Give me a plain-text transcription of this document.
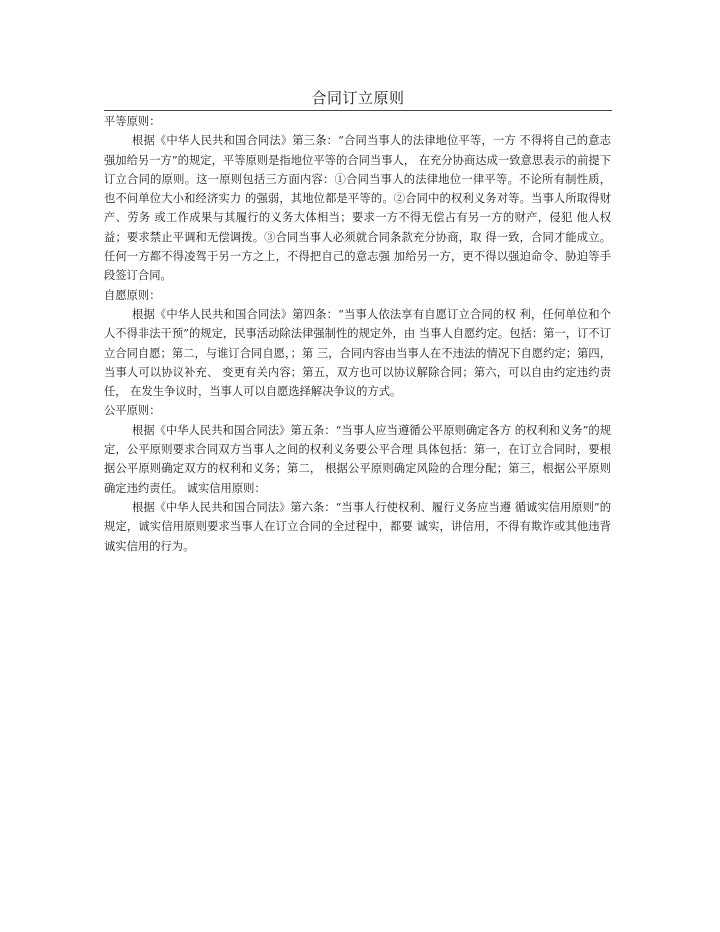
合同订立原则

平等原则：

根据《中华人民共和国合同法》第三条：“合同当事人的法律地位平等，一方 不得将自己的意志强加给另一方”的规定，平等原则是指地位平等的合同当事人， 在充分协商达成一致意思表示的前提下订立合同的原则。这一原则包括三方面内容：①合同当事人的法律地位一律平等。不论所有制性质，也不问单位大小和经济实力 的强弱，其地位都是平等的。②合同中的权利义务对等。当事人所取得财产、劳务 或工作成果与其履行的义务大体相当；要求一方不得无偿占有另一方的财产，侵犯 他人权益；要求禁止平调和无偿调拨。③合同当事人必须就合同条款充分协商，取 得一致，合同才能成立。任何一方都不得凌驾于另一方之上，不得把自己的意志强 加给另一方，更不得以强迫命令、胁迫等手段签订合同。

自愿原则：

根据《中华人民共和国合同法》第四条：“当事人依法享有自愿订立合同的权 利，任何单位和个人不得非法干预”的规定，民事活动除法律强制性的规定外，由 当事人自愿约定。包括：第一，订不订立合同自愿；第二，与谁订合同自愿，；第 三，合同内容由当事人在不违法的情况下自愿约定；第四，当事人可以协议补充、 变更有关内容；第五，双方也可以协议解除合同；第六，可以自由约定违约责任， 在发生争议时，当事人可以自愿选择解决争议的方式。

公平原则：

根据《中华人民共和国合同法》第五条：“当事人应当遵循公平原则确定各方 的权利和义务”的规定，公平原则要求合同双方当事人之间的权利义务要公平合理 具体包括：第一，在订立合同时，要根据公平原则确定双方的权利和义务；第二， 根据公平原则确定风险的合理分配；第三，根据公平原则确定违约责任。 诚实信用原则：

根据《中华人民共和国合同法》第六条：“当事人行使权利、履行义务应当遵 循诚实信用原则”的规定，诚实信用原则要求当事人在订立合同的全过程中，都要 诚实，讲信用，不得有欺诈或其他违背诚实信用的行为。
